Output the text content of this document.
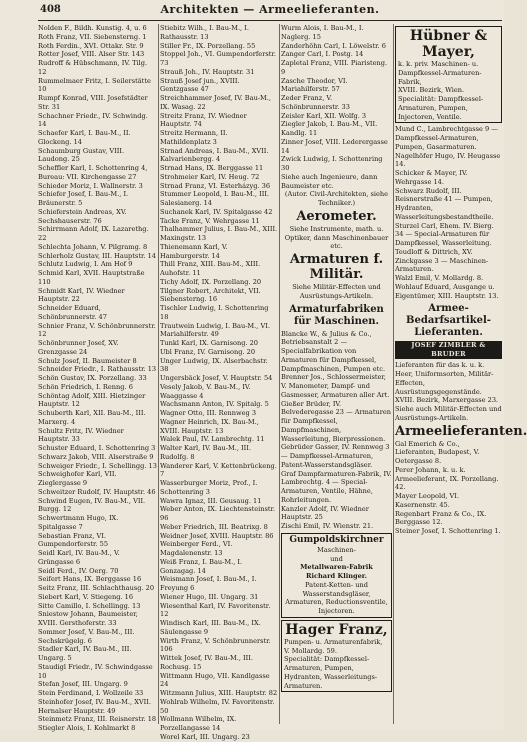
408	Architekten — Armeelieferanten.

Nolden F., Bildh. Kunstig. 4, u. 6

Roth Franz, VII. Siebensterng. 1

Roth Ferdin., XVI. Ottakr. Str. 9

Rotter Josef, VIII. Alser Str. 143

Rudroff & Hübschmann, IV. Tilg. 12

Rummelmaer Fritz, I. Seilerstätte 10

Rumpf Konrad, VIII. Josefstädter Str. 31

Schachner Friedr., IV. Schwindg. 14

Schaefer Karl, I. Bau-M., II. Glockeng. 14

Schaumburg Gustav, VIII. Laudong. 25

Scheffler Karl, I. Schottenring 4, Bureau: VII. Kirchengasse 27

Schieder Moriz, I. Wallnerstr. 3

Schiefer Josef, I. Bau-M., I. Bräunerstr. 5

Schieferstein Andreas, XV. Sechshauserstr. 76

Schirrmann Adolf, IX. Lazarethg. 22

Schlechta Johann, V. Pilgramg. 8

Schlerholz Gustav, III. Hauptstr. 14

Schlutz Ludwig, I. Am Hof 9

Schmid Karl, XVII. Hauptstraße 110

Schmidt Karl, IV. Wiedner Hauptstr. 22

Schneider Eduard, Schönbrunnerstr. 47

Schnier Franz, V. Schönbrunnerstr. 12

Schönbrunner Josef, XV. Grenzgasse 24

Schulz Josef, II. Baumeister 8

Schneider Friedr., I. Rathausstr. 13

Schön Gustav, IX. Porzellang. 33

Schön Friedrich, I. Renng. 6

Schöntag Adolf, XIII. Hietzinger Hauptstr. 12

Schuberth Karl, XII. Bau-M., III. Marxerg. 4

Schultz Fritz, IV. Wiedner Hauptstr. 33

Schuster Eduard, I. Schottenring 3

Schwarz Jakob, VIII. Alserstraße 9

Schweiger Friedr., I. Schellingg. 13

Schweighofer Karl, VII. Zieglergasse 9

Schweitzer Rudolf, IV. Hauptstr. 46

Schwind Eugen, IV. Bau-M., VII. Burgg. 12

Schwertmann Hugo, IX. Spitalgasse 7

Sebastian Franz, VI. Gumpendorferstr. 55

Seidl Karl, IV. Bau-M., V. Grüngasse 6

Seidl Ferd., IV. Oerg. 70

Seifert Hans, IX. Berggasse 16

Seitz Franz, III. Schlachthausg. 20

Siebert Karl, V. Stiegeng. 16

Sitte Camillo, I. Schellingg. 13

Sniestow Johann, Baumeister, XVIII. Gersthoferstr. 33

Sommer Josef, V. Bau-M., III. Sechskrügelg. 6

Stadler Karl, IV. Bau-M., III. Ungarg. 5

Staudigl Friedr., IV. Schwindgasse 10

Stefan Josef, III. Ungarg. 9

Stein Ferdinand, I. Wollzeile 33

Steinhofer Josef, IV. Bau-M., XVII. Hernalser Hauptstr. 49

Steinmetz Franz, III. Reisnerstr. 18

Stiegler Alois, I. Kohlmarkt 8

Stiebitz Wilh., I. Bau-M., I. Rathausstr. 13

Stiller Fr., IX. Porzellang. 55

Stoppel Joh., VI. Gumpendorferstr. 73

Strauß Joh., IV. Hauptstr. 31

Strauß Josef jun., XVIII. Gentzgasse 47

Streichhammer Josef, IV. Bau-M., IX. Wasag. 22

Streitz Franz, IV. Wiedner Hauptstr. 74

Streitz Hermann, II. Mathildenplatz 3

Strnad Andreas, I. Bau-M., XVII. Kalvarienbergg. 4

Strnad Hans, IX. Berggasse 11

Strohmeier Karl, IV. Heug. 72

Strnad Franz, VI. Esterházyg. 36

Stummer Leopold, I. Bau-M., III. Salesianerg. 14

Suchanek Karl, IV. Spitalgasse 42

Tacke Franz, V. Wehrgasse 11

Thalhammer Julius, I. Bau-M., XIII. Maxingstr. 13

Thienemann Karl, V. Hamburgerstr. 14

Thill Franz, XIII. Bau-M., XIII. Auhofstr. 11

Tichy Adolf, IX. Porzellang. 20

Tilgner Robert, Architekt, VII. Siebensterng. 16

Tischler Ludwig, I. Schottenring 18

Trautwein Ludwig, I. Bau-M., VI. Mariahilferstr. 49

Tunkl Karl, IX. Garnisong. 20

Ubl Franz, IV. Garnisong. 20

Unger Ludwig, IX. Alserbachstr. 38

Ungersbäck Josef, V. Hauptstr. 54

Vesely Jakob, V. Bau-M., IV. Waaggasse 4

Wachsmann Anton, IV. Spitalg. 5

Wagner Otto, III. Rennweg 3

Wagner Heinrich, IX. Bau-M., XVIII. Hauptstr. 13

Walek Paul, IV. Lambrechtg. 11

Walter Karl, IV. Bau-M., III. Rudolfg. 8

Wanderer Karl, V. Kettenbrückeng. 7

Wasserburger Moriz, Prof., I. Schottenring 3

Wawra Ignaz, III. Geusaug. 11

Weber Anton, IX. Liechtensteinstr. 96

Weber Friedrich, III. Beatrixg. 8

Weidner Josef, XVIII. Hauptstr. 86

Weinberger Ferd., VI. Magdalenenstr. 13

Weiß Franz, I. Bau-M., I. Gonzagag. 14

Weismann Josef, I. Bau-M., I. Freyung 6

Wiener Hugo, III. Ungarg. 31

Wiesenthal Karl, IV. Favoritenstr. 12

Windisch Karl, III. Bau-M., IX. Säulengasse 9

Wirth Franz, V. Schönbrunnerstr. 106

Wittek Josef, IV. Bau-M., III. Rochusg. 15

Wittmann Hugo, VII. Kandlgasse 24

Witzmann Julius, XIII. Hauptstr. 82

Wohlrab Wilhelm, IV. Favoritenstr. 50

Wollmann Wilhelm, IX. Porzellangasse 14

Worel Karl, III. Ungarg. 23

Wurm Alois, I. Bau-M., I. Naglerg. 15

Zanderhöhn Carl, I. Löwelstr. 6

Zanger Carl, I. Postg. 14

Zapletal Franz, VIII. Piaristeng. 9

Zasche Theodor, VI. Mariahilferstr. 57

Zeder Franz, V. Schönbrunnerstr. 33

Zeisler Karl, XII. Wolfg. 3

Ziegler Jakob, I. Bau-M., VII. Kandlg. 11

Zinner Josef, VIII. Lederergasse 14

Zwick Ludwig, I. Schottenring 30

Siehe auch Ingenieure, dann Baumeister etc.

(Autor. Civil-Architekten, siehe Techniker.)

Aerometer.

Siehe Instrumente, math. u. Optiker, dann Maschinenbauer etc.

Armaturen f. Militär.

Siehe Militär-Effecten und Ausrüstungs-Artikeln.

Armaturfabriken für Maschinen.

Blancke W., & Julius & Co., Betriebsanstalt 2 — Specialfabrikation von Armaturen für Dampfkessel, Dampfmaschinen, Pumpen etc.

Brenner Jos., Schlossermeister, V. Manometer, Dampf- und Gasmesser, Armaturen aller Art.

Gießer Brüder, IV. Belvederegasse 23 — Armaturen für Dampfkessel, Dampfmaschinen, Wasserleitung, Bierpressionen.

Gebrüder Gasser, IV. Rennweg 3 — Dampfkessel-Armaturen, Patent-Wasserstandsgläser.

Graf Dampfarmaturen-Fabrik, IV. Lambrechtg. 4 — Special-Armaturen, Ventile, Hähne, Rohrleitungen.

Kanzler Adolf, IV. Wiedner Hauptstr. 25

Zischi Emil, IV. Wienstr. 21.

Gumpoldskirchner

Maschinen-

und

Metallwaren-Fabrik

Richard Klinger.

Patent-Ketten- und Wasserstandsgläser, Armaturen, Reductionsventile, Injectoren.

Hager Franz,

Pumpen- u. Armaturenfabrik, V. Mollardg. 59.

Specialität: Dampfkessel-Armaturen, Pumpen, Hydranten, Wasserleitungs-Armaturen.

Hübner & Mayer,

k. k. priv. Maschinen- u. Dampfkessel-Armaturen-Fabrik,

XVIII. Bezirk, Wien.

Specialität: Dampfkessel-Armaturen, Pumpen, Injectoren, Ventile.

Mund C., Lambrechtgasse 9 — Dampfkessel-Armaturen, Pumpen, Gasarmaturen.

Nagelhöfer Hugo, IV. Heugasse 14.

Schicker & Mayer, IV. Wehrgasse 14.

Schwarz Rudolf, III. Reisnerstraße 41 — Pumpen, Hydranten, Wasserleitungsbestandtheile.

Sturzel Carl, Ehem. IV. Bierg. 34 — Special-Armaturen für Dampfkessel, Wasserleitung.

Teudloff & Dittrich, XV. Zinckgasse 3 — Maschinen-Armaturen.

Walzl Emil, V. Mollardg. 8.

Wohlauf Eduard, Ausgange u. Eigentümer, XIII. Hauptstr. 13.

Armee-Bedarfsartikel-Lieferanten.
JOSEF ZIMBLER & BRUDER

Lieferanten für das k. u. k. Heer, Uniformsorten, Militär-Effecten, Ausrüstungsgegenstände.

XVIII. Bezirk, Marxergasse 23.

Siehe auch Militär-Effecten und Ausrüstungs-Artikeln.

Armeelieferanten.

Gal Emerich & Co., Lieferanten, Budapest, V. Oetergasse 8.

Perer Johann, k. u. k. Armeelieferant, IX. Porzellang. 42.

Mayer Leopold, VI. Kasernenstr. 45.

Regenbart Franz & Co., IX. Berggasse 12.

Steiner Josef, I. Schottenring 1.
